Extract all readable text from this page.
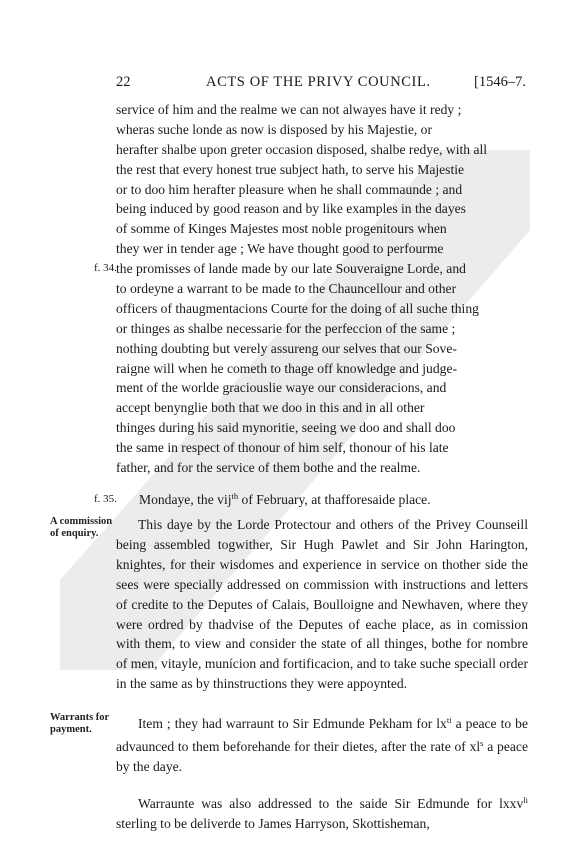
22	ACTS OF THE PRIVY COUNCIL.	[1546–7.
service of him and the realme we can not alwayes have it redy ;
wheras suche londe as now is disposed by his Majestie, or
herafter shalbe upon greter occasion disposed, shalbe redye, with all
the rest that every honest true subject hath, to serve his Majestie
or to doo him herafter pleasure when he shall commaunde ; and
being induced by good reason and by like examples in the dayes
of somme of Kinges Majestes most noble progenitours when
they wer in tender age ; We have thought good to perfourme
the promisses of lande made by our late Souveraigne Lorde, and
to ordeyne a warrant to be made to the Chauncellour and other
officers of thaugmentacions Courte for the doing of all suche thing
or thinges as shalbe necessarie for the perfeccion of the same ;
nothing doubting but verely assureng our selves that our Sove-
raigne will when he cometh to thage off knowledge and judge-
ment of the worlde graciouslie waye our consideracions, and
accept benynglie both that we doo in this and in all other
thinges during his said mynoritie, seeing we doo and shall doo
the same in respect of thonour of him self, thonour of his late
father, and for the service of them bothe and the realme.
f. 34.
f. 35. Mondaye, the vij$^{th}$ of February, at thafforesaide place.
A commission of enquiry.
This daye by the Lorde Protectour and others of the Privey Counseill being assembled togwither, Sir Hugh Pawlet and Sir John Harington, knightes, for their wisdomes and experience in service on thother side the sees were specially addressed on commission with instructions and letters of credite to the Deputes of Calais, Boulloigne and Newhaven, where they were ordred by thadvise of the Deputes of eache place, as in comission with them, to view and consider the state of all thinges, bothe for nombre of men, vitayle, munícion and fortificacion, and to take suche speciall order in the same as by thinstructions they were appoynted.
Warrants for payment.	Item ; they had warraunt to Sir Edmunde Pekham for $lx^{ti}$ a peace to be advaunced to them beforehande for their dietes, after the rate of $xl^s$ a peace by the daye.
Warraunte was also addressed to the saide Sir Edmunde for lxxv$^{li}$ sterling to be deliverde to James Harryson, Skottisheman,
